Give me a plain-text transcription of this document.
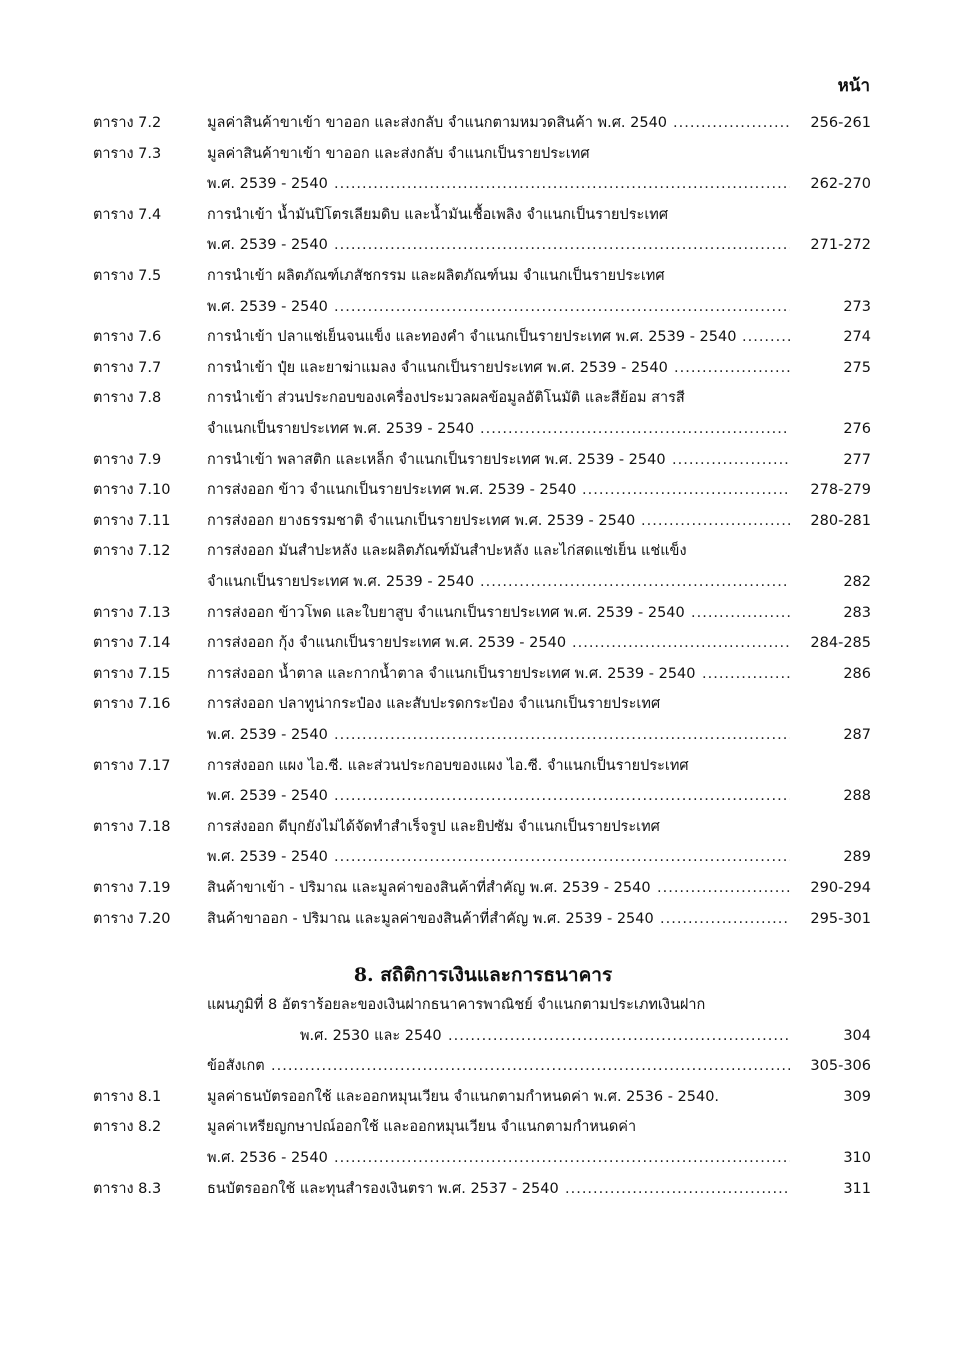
หน้า
ตาราง 7.2	มูลค่าสินค้าขาเข้า ขาออก และส่งกลับ จำแนกตามหมวดสินค้า พ.ศ. 2540	256-261
.....
ตาราง 7.3	มูลค่าสินค้าขาเข้า ขาออก และส่งกลับ จำแนกเป็นรายประเทศ
พ.ศ. 2539 - 2540	262-270
.....
ตาราง 7.4	การนำเข้า น้ำมันปิโตรเลียมดิบ และน้ำมันเชื้อเพลิง จำแนกเป็นรายประเทศ
พ.ศ. 2539 - 2540	271-272
.....
ตาราง 7.5	การนำเข้า ผลิตภัณฑ์เภสัชกรรม และผลิตภัณฑ์นม จำแนกเป็นรายประเทศ
พ.ศ. 2539 - 2540	273
.....
ตาราง 7.6	การนำเข้า ปลาแช่เย็นจนแข็ง และทองคำ จำแนกเป็นรายประเทศ พ.ศ. 2539 - 2540	274
.....
ตาราง 7.7	การนำเข้า ปุ๋ย และยาฆ่าแมลง จำแนกเป็นรายประเทศ พ.ศ. 2539 - 2540	275
.....
ตาราง 7.8	การนำเข้า ส่วนประกอบของเครื่องประมวลผลข้อมูลอัติโนมัติ และสีย้อม สารสี
จำแนกเป็นรายประเทศ พ.ศ. 2539 - 2540	276
.....
ตาราง 7.9	การนำเข้า พลาสติก และเหล็ก จำแนกเป็นรายประเทศ พ.ศ. 2539 - 2540	277
.....
ตาราง 7.10	การส่งออก ข้าว จำแนกเป็นรายประเทศ พ.ศ. 2539 - 2540	278-279
.....
ตาราง 7.11	การส่งออก ยางธรรมชาติ จำแนกเป็นรายประเทศ พ.ศ. 2539 - 2540	280-281
.....
ตาราง 7.12	การส่งออก มันสำปะหลัง และผลิตภัณฑ์มันสำปะหลัง และไก่สดแช่เย็น แช่แข็ง
จำแนกเป็นรายประเทศ พ.ศ. 2539 - 2540	282
.....
ตาราง 7.13	การส่งออก ข้าวโพด และใบยาสูบ จำแนกเป็นรายประเทศ พ.ศ. 2539 - 2540	283
.....
ตาราง 7.14	การส่งออก กุ้ง จำแนกเป็นรายประเทศ พ.ศ. 2539 - 2540	284-285
.....
ตาราง 7.15	การส่งออก น้ำตาล และกากน้ำตาล จำแนกเป็นรายประเทศ พ.ศ. 2539 - 2540	286
.....
ตาราง 7.16	การส่งออก ปลาทูน่ากระป๋อง และสับปะรดกระป๋อง จำแนกเป็นรายประเทศ
พ.ศ. 2539 - 2540	287
.....
ตาราง 7.17	การส่งออก แผง ไอ.ซี. และส่วนประกอบของแผง ไอ.ซี. จำแนกเป็นรายประเทศ
พ.ศ. 2539 - 2540	288
.....
ตาราง 7.18	การส่งออก ดีบุกยังไม่ได้จัดทำสำเร็จรูป และยิปซัม จำแนกเป็นรายประเทศ
พ.ศ. 2539 - 2540	289
.....
ตาราง 7.19	สินค้าขาเข้า - ปริมาณ และมูลค่าของสินค้าที่สำคัญ พ.ศ. 2539 - 2540	290-294
.....
ตาราง 7.20	สินค้าขาออก - ปริมาณ และมูลค่าของสินค้าที่สำคัญ พ.ศ. 2539 - 2540	295-301
.....
แผนภูมิที่ 8 อัตราร้อยละของเงินฝากธนาคารพาณิชย์ จำแนกตามประเภทเงินฝาก
พ.ศ. 2530 และ 2540	304
.....
ข้อสังเกต	305-306
.....
ตาราง 8.1	มูลค่าธนบัตรออกใช้ และออกหมุนเวียน จำแนกตามกำหนดค่า พ.ศ. 2536 - 2540.	309
ตาราง 8.2	มูลค่าเหรียญกษาปณ์ออกใช้ และออกหมุนเวียน จำแนกตามกำหนดค่า
พ.ศ. 2536 - 2540	310
.....
ตาราง 8.3	ธนบัตรออกใช้ และทุนสำรองเงินตรา พ.ศ. 2537 - 2540	311
.....
8. สถิติการเงินและการธนาคาร
